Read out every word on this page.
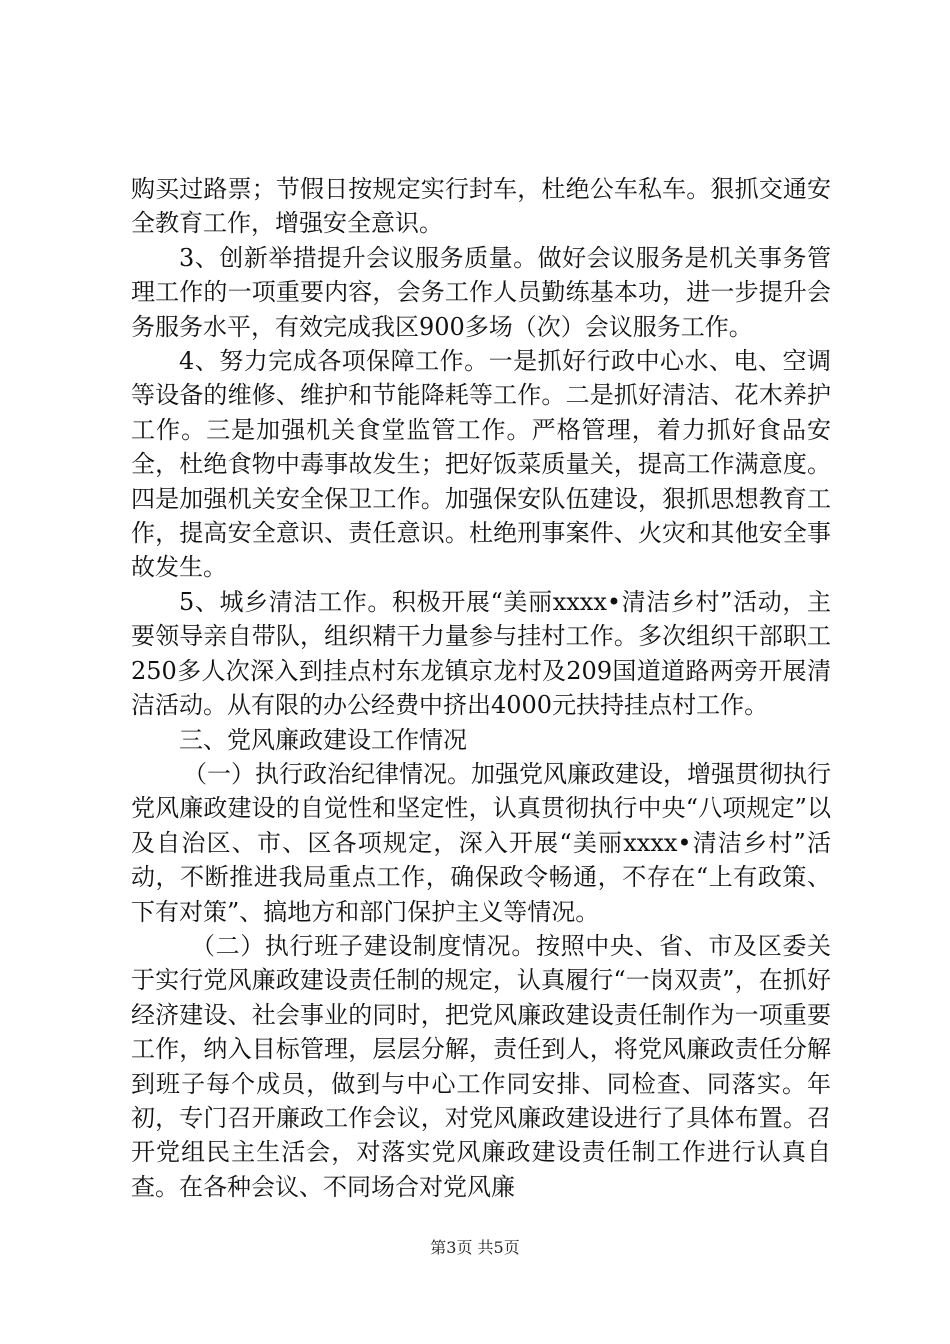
购买过路票；节假日按规定实行封车，杜绝公车私车。狠抓交通安全教育工作，增强安全意识。

3、创新举措提升会议服务质量。做好会议服务是机关事务管理工作的一项重要内容，会务工作人员勤练基本功，进一步提升会务服务水平，有效完成我区900多场（次）会议服务工作。

4、努力完成各项保障工作。一是抓好行政中心水、电、空调等设备的维修、维护和节能降耗等工作。二是抓好清洁、花木养护工作。三是加强机关食堂监管工作。严格管理，着力抓好食品安全，杜绝食物中毒事故发生；把好饭菜质量关，提高工作满意度。四是加强机关安全保卫工作。加强保安队伍建设，狠抓思想教育工作，提高安全意识、责任意识。杜绝刑事案件、火灾和其他安全事故发生。

5、城乡清洁工作。积极开展“美丽xxxx•清洁乡村”活动，主要领导亲自带队，组织精干力量参与挂村工作。多次组织干部职工250多人次深入到挂点村东龙镇京龙村及209国道道路两旁开展清洁活动。从有限的办公经费中挤出4000元扶持挂点村工作。

三、党风廉政建设工作情况

（一）执行政治纪律情况。加强党风廉政建设，增强贯彻执行党风廉政建设的自觉性和坚定性，认真贯彻执行中央“八项规定”以及自治区、市、区各项规定，深入开展“美丽xxxx•清洁乡村”活动，不断推进我局重点工作，确保政令畅通，不存在“上有政策、下有对策”、搞地方和部门保护主义等情况。

（二）执行班子建设制度情况。按照中央、省、市及区委关于实行党风廉政建设责任制的规定，认真履行“一岗双责”，在抓好经济建设、社会事业的同时，把党风廉政建设责任制作为一项重要工作，纳入目标管理，层层分解，责任到人，将党风廉政责任分解到班子每个成员，做到与中心工作同安排、同检查、同落实。年初，专门召开廉政工作会议，对党风廉政建设进行了具体布置。召开党组民主生活会，对落实党风廉政建设责任制工作进行认真自查。在各种会议、不同场合对党风廉

第3页 共5页
